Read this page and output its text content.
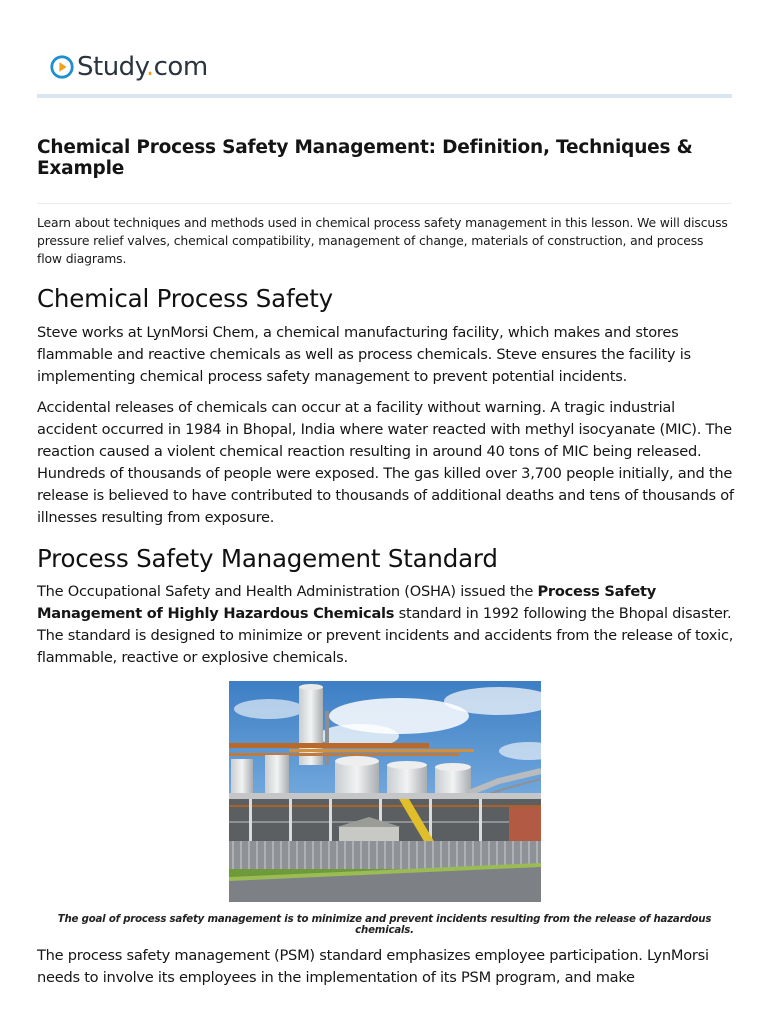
Study.com
Chemical Process Safety Management: Definition, Techniques & Example

Learn about techniques and methods used in chemical process safety management in this lesson. We will discuss pressure relief valves, chemical compatibility, management of change, materials of construction, and process flow diagrams.

Chemical Process Safety

Steve works at LynMorsi Chem, a chemical manufacturing facility, which makes and stores flammable and reactive chemicals as well as process chemicals. Steve ensures the facility is implementing chemical process safety management to prevent potential incidents.

Accidental releases of chemicals can occur at a facility without warning. A tragic industrial accident occurred in 1984 in Bhopal, India where water reacted with methyl isocyanate (MIC). The reaction caused a violent chemical reaction resulting in around 40 tons of MIC being released. Hundreds of thousands of people were exposed. The gas killed over 3,700 people initially, and the release is believed to have contributed to thousands of additional deaths and tens of thousands of illnesses resulting from exposure.

Process Safety Management Standard

The Occupational Safety and Health Administration (OSHA) issued the Process Safety Management of Highly Hazardous Chemicals standard in 1992 following the Bhopal disaster. The standard is designed to minimize or prevent incidents and accidents from the release of toxic, flammable, reactive or explosive chemicals.

The goal of process safety management is to minimize and prevent incidents resulting from the release of hazardous chemicals.

The process safety management (PSM) standard emphasizes employee participation. LynMorsi needs to involve its employees in the implementation of its PSM program, and make
